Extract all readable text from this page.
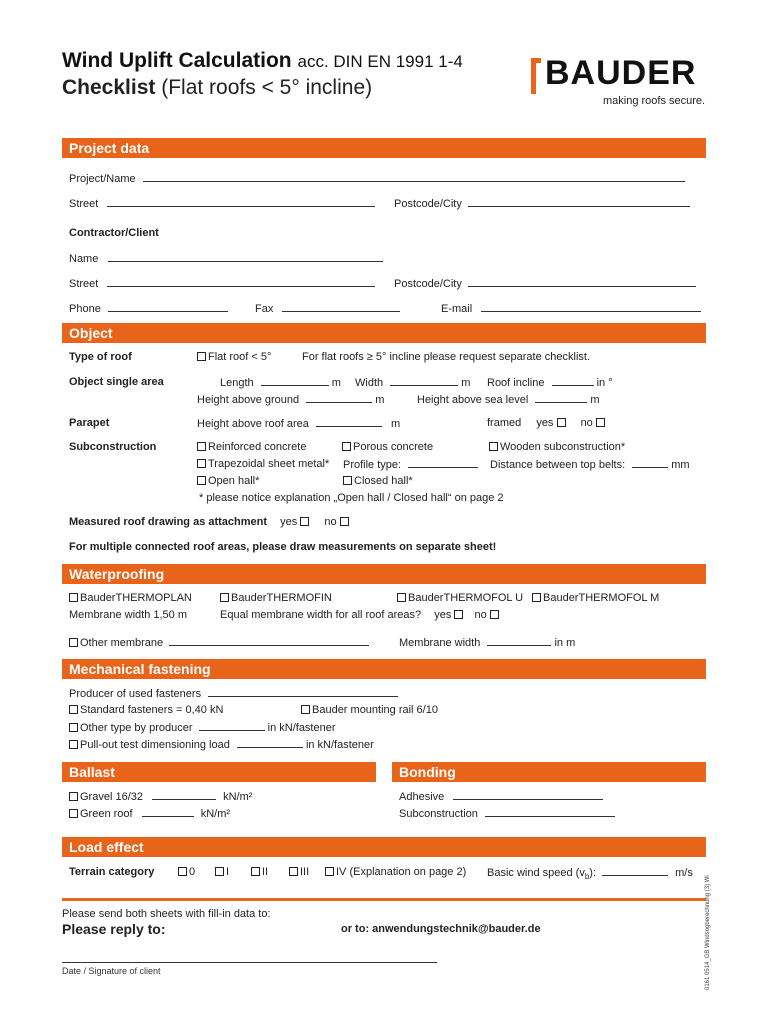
Wind Uplift Calculation acc. DIN EN 1991 1-4
Checklist (Flat roofs < 5° incline)	BAUDER
making roofs secure.
Project data
Project/Name
Street	Postcode/City
Contractor/Client
Name
Street	Postcode/City
Phone	Fax	E-mail
Object
Type of roof	Flat roof < 5°	For flat roofs ≥ 5° incline please request separate checklist.
Object single area	Length	m Width	m Roof incline	in °
Height above ground	m	Height above sea level	m
Parapet	Height above roof area	m	framed yes no
Subconstruction	Reinforced concrete	Porous concrete	Wooden subconstruction*
Trapezoidal sheet metal* Profile type:	Distance between top belts:	mm
Open hall*	Closed hall*
* please notice explanation „Open hall / Closed hall“ on page 2
Measured roof drawing as attachment yes no
For multiple connected roof areas, please draw measurements on separate sheet!
Waterproofing
BauderTHERMOPLAN	BauderTHERMOFIN	BauderTHERMOFOL U	BauderTHERMOFOL M
Membrane width 1,50 m	Equal membrane width for all roof areas? yes no
Other membrane	Membrane width	in m
Mechanical fastening
Producer of used fasteners
Standard fasteners = 0,40 kN	Bauder mounting rail 6/10
Other type by producer	in kN/fastener
Pull-out test dimensioning load	in kN/fastener
Ballast	Bonding
Gravel 16/32	kN/m²
Green roof	kN/m²
Adhesive
Subconstruction
Load effect
Terrain category	0	I	II	III	IV (Explanation on page 2) Basic wind speed $(v_b)$:	m/s
Please send both sheets with fill-in data to:
Please reply to:	or to: anwendungstechnik@bauder.de
Date / Signature of client	0161 0514_GB Windsogberechnung (3) Wi
